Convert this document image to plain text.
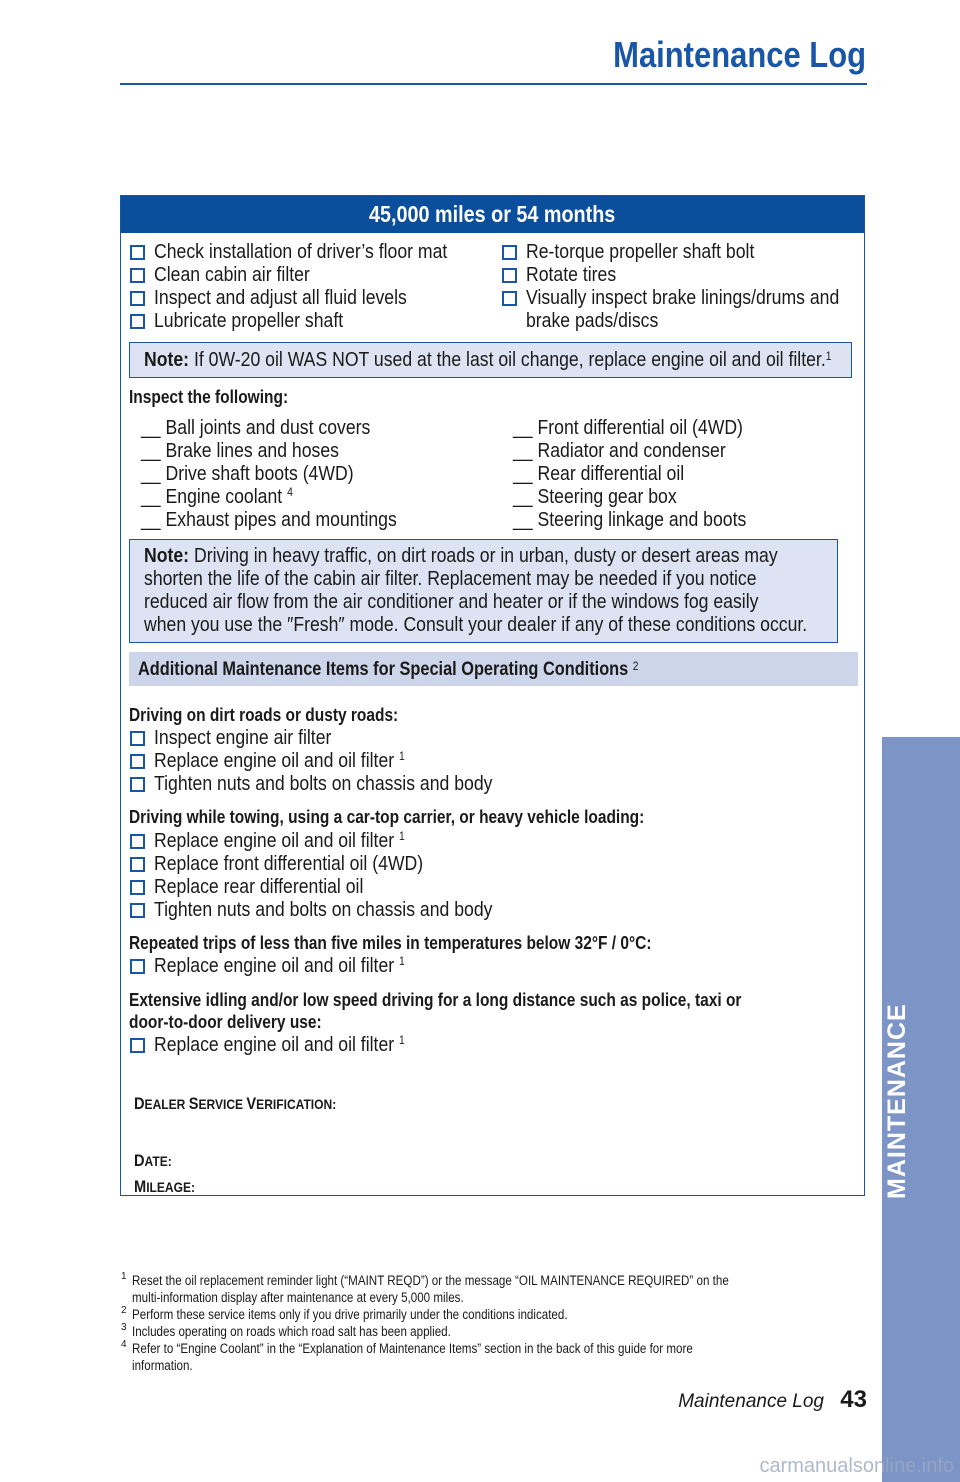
Maintenance Log
45,000 miles or 54 months
Check installation of driver’s floor mat
Clean cabin air filter
Inspect and adjust all fluid levels
Lubricate propeller shaft
Re-torque propeller shaft bolt
Rotate tires
Visually inspect brake linings/drums and
brake pads/discs
Note: If 0W-20 oil WAS NOT used at the last oil change, replace engine oil and oil filter.$^1$
Inspect the following:
__ Ball joints and dust covers
__ Brake lines and hoses
__ Drive shaft boots (4WD)
__ Engine coolant $^4$
__ Exhaust pipes and mountings
__ Front differential oil (4WD)
__ Radiator and condenser
__ Rear differential oil
__ Steering gear box
__ Steering linkage and boots
Note: Driving in heavy traffic, on dirt roads or in urban, dusty or desert areas may
shorten the life of the cabin air filter. Replacement may be needed if you notice
reduced air flow from the air conditioner and heater or if the windows fog easily
when you use the ″Fresh″ mode. Consult your dealer if any of these conditions occur.
Additional Maintenance Items for Special Operating Conditions $^2$
Driving on dirt roads or dusty roads:
Inspect engine air filter
Replace engine oil and oil filter $^1$
Tighten nuts and bolts on chassis and body
Driving while towing, using a car-top carrier, or heavy vehicle loading:
Replace engine oil and oil filter $^1$
Replace front differential oil (4WD)
Replace rear differential oil
Tighten nuts and bolts on chassis and body
Repeated trips of less than five miles in temperatures below 32°F / 0°C:
Replace engine oil and oil filter $^1$
Extensive idling and/or low speed driving for a long distance such as police, taxi or
door-to-door delivery use:
Replace engine oil and oil filter $^1$
DEALER SERVICE VERIFICATION:
DATE:
MILEAGE:
1 Reset the oil replacement reminder light (“MAINT REQD”) or the message “OIL MAINTENANCE REQUIRED” on the
multi-information display after maintenance at every 5,000 miles.
2 Perform these service items only if you drive primarily under the conditions indicated.
3 Includes operating on roads which road salt has been applied.
4 Refer to “Engine Coolant” in the “Explanation of Maintenance Items” section in the back of this guide for more
information.
Maintenance Log 43
MAINTENANCE
carmanualsonline.info
